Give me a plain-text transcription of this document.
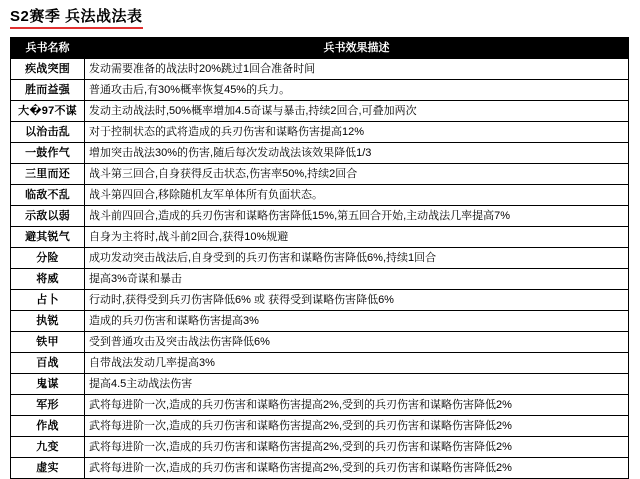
S2赛季 兵法战法表
兵书名称	兵书效果描述
疾战突围	发动需要准备的战法时20%跳过1回合准备时间
胜而益强	普通攻击后,有30%概率恢复45%的兵力。
大�97不谋	发动主动战法时,50%概率增加4.5奇谋与暴击,持续2回合,可叠加两次
以治击乱	对于控制状态的武将造成的兵刃伤害和谋略伤害提高12%
一鼓作气	增加突击战法30%的伤害,随后每次发动战法该效果降低1/3
三里而还	战斗第三回合,自身获得反击状态,伤害率50%,持续2回合
临敌不乱	战斗第四回合,移除随机友军单体所有负面状态。
示敌以弱	战斗前四回合,造成的兵刃伤害和谋略伤害降低15%,第五回合开始,主动战法几率提高7%
避其锐气	自身为主将时,战斗前2回合,获得10%规避
分险	成功发动突击战法后,自身受到的兵刃伤害和谋略伤害降低6%,持续1回合
将威	提高3%奇谋和暴击
占卜	行动时,获得受到兵刃伤害降低6% 或 获得受到谋略伤害降低6%
执锐	造成的兵刃伤害和谋略伤害提高3%
铁甲	受到普通攻击及突击战法伤害降低6%
百战	自带战法发动几率提高3%
鬼谋	提高4.5主动战法伤害
军形	武将每进阶一次,造成的兵刃伤害和谋略伤害提高2%,受到的兵刃伤害和谋略伤害降低2%
作战	武将每进阶一次,造成的兵刃伤害和谋略伤害提高2%,受到的兵刃伤害和谋略伤害降低2%
九变	武将每进阶一次,造成的兵刃伤害和谋略伤害提高2%,受到的兵刃伤害和谋略伤害降低2%
虚实	武将每进阶一次,造成的兵刃伤害和谋略伤害提高2%,受到的兵刃伤害和谋略伤害降低2%
